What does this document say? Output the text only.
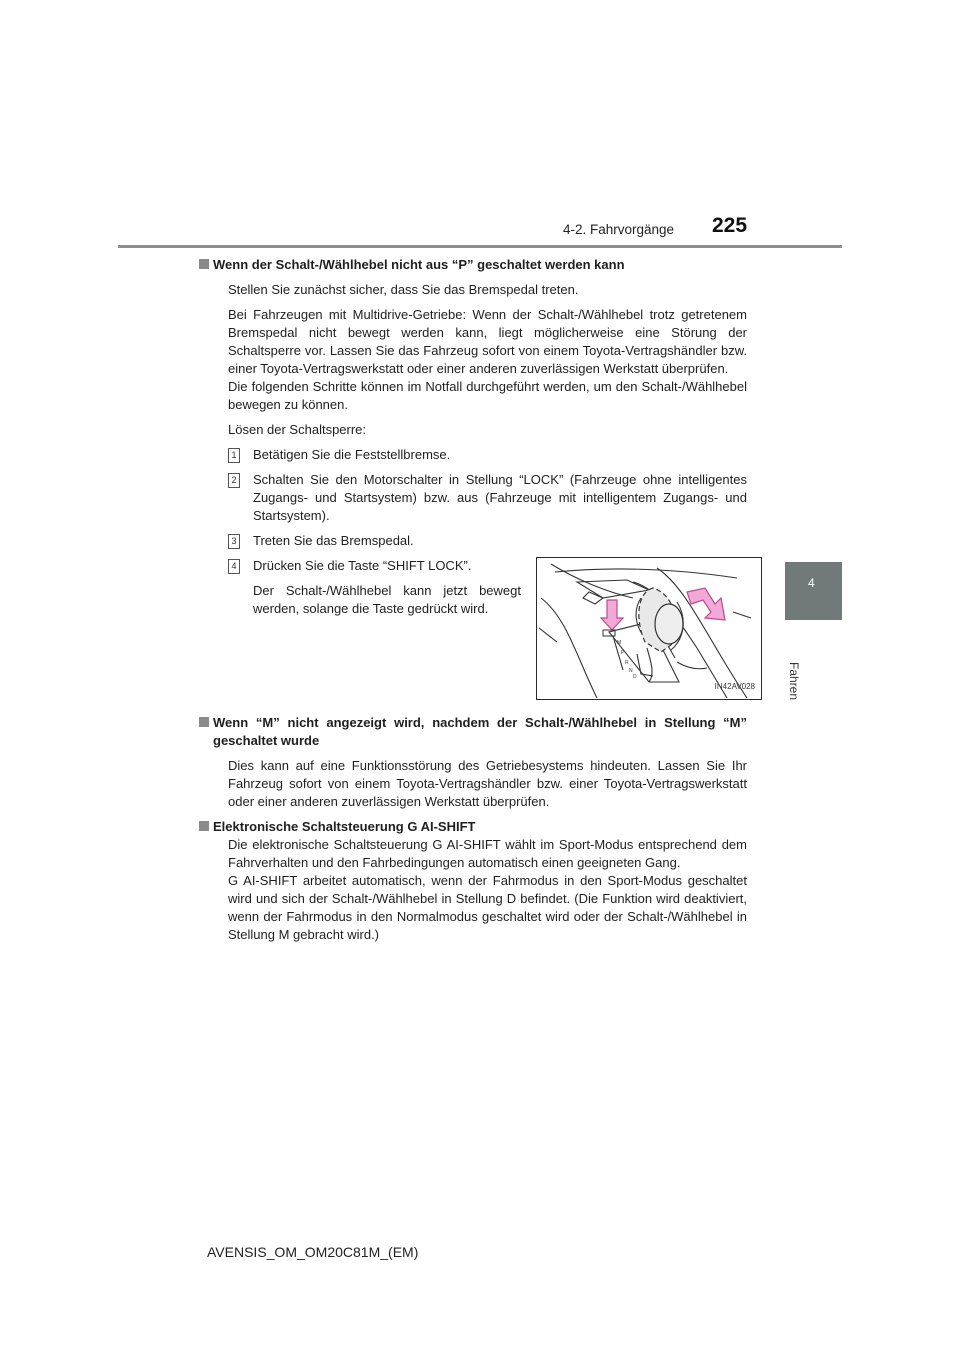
4-2. Fahrvorgänge 225
4
Fahren
Wenn der Schalt-/Wählhebel nicht aus “P” geschaltet werden kann

Stellen Sie zunächst sicher, dass Sie das Bremspedal treten.

Bei Fahrzeugen mit Multidrive-Getriebe: Wenn der Schalt-/Wählhebel trotz getretenem Bremspedal nicht bewegt werden kann, liegt möglicherweise eine Störung der Schaltsperre vor. Lassen Sie das Fahrzeug sofort von einem Toyota-Vertragshändler bzw. einer Toyota-Vertragswerkstatt oder einer anderen zuverlässigen Werkstatt überprüfen.

Die folgenden Schritte können im Notfall durchgeführt werden, um den Schalt-/Wählhebel bewegen zu können.

Lösen der Schaltsperre:

1 Betätigen Sie die Feststellbremse.
2 Schalten Sie den Motorschalter in Stellung “LOCK” (Fahrzeuge ohne intelligentes Zugangs- und Startsystem) bzw. aus (Fahrzeuge mit intelligentem Zugangs- und Startsystem).
3 Treten Sie das Bremspedal.
4 Drücken Sie die Taste “SHIFT LOCK”.

Der Schalt-/Wählhebel kann jetzt bewegt werden, solange die Taste gedrückt wird.

M
P
R
N
D
IN42AV028
Wenn “M” nicht angezeigt wird, nachdem der Schalt-/Wählhebel in Stellung “M” geschaltet wurde

Dies kann auf eine Funktionsstörung des Getriebesystems hindeuten. Lassen Sie Ihr Fahrzeug sofort von einem Toyota-Vertragshändler bzw. einer Toyota-Vertragswerkstatt oder einer anderen zuverlässigen Werkstatt überprüfen.

Elektronische Schaltsteuerung G AI-SHIFT

Die elektronische Schaltsteuerung G AI-SHIFT wählt im Sport-Modus entsprechend dem Fahrverhalten und den Fahrbedingungen automatisch einen geeigneten Gang.

G AI-SHIFT arbeitet automatisch, wenn der Fahrmodus in den Sport-Modus geschaltet wird und sich der Schalt-/Wählhebel in Stellung D befindet. (Die Funktion wird deaktiviert, wenn der Fahrmodus in den Normalmodus geschaltet wird oder der Schalt-/Wählhebel in Stellung M gebracht wird.)

AVENSIS_OM_OM20C81M_(EM)
